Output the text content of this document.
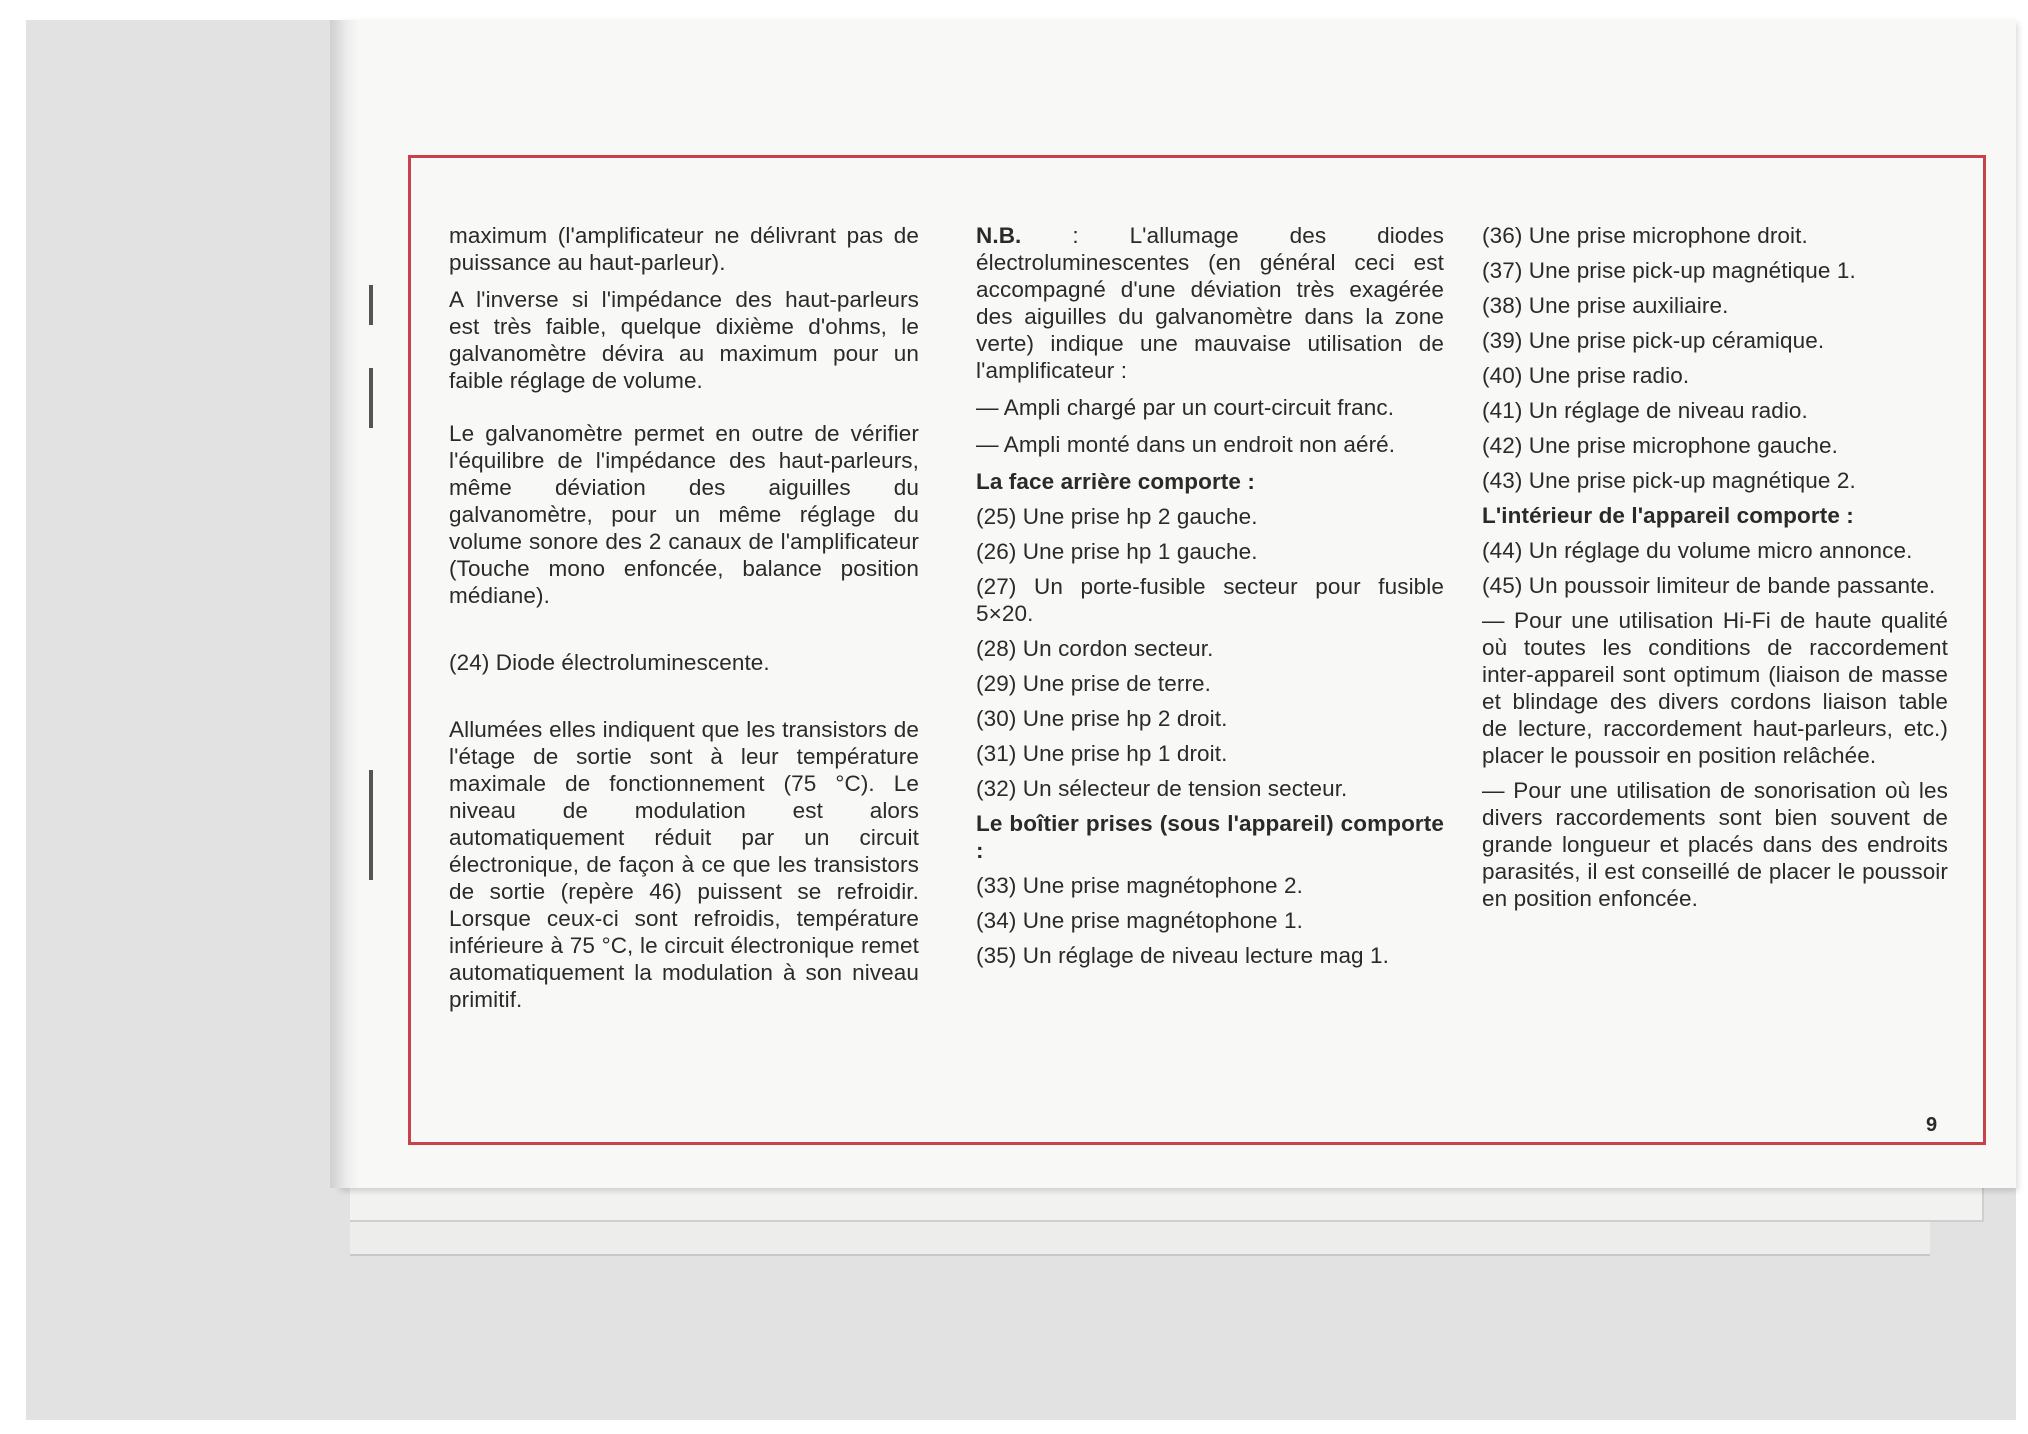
maximum (l'amplificateur ne délivrant pas de puissance au haut-parleur).

A l'inverse si l'impédance des haut-parleurs est très faible, quelque dixième d'ohms, le galvanomètre dévira au maximum pour un faible réglage de volume.

Le galvanomètre permet en outre de vérifier l'équilibre de l'impédance des haut-parleurs, même déviation des aiguilles du galvanomètre, pour un même réglage du volume sonore des 2 canaux de l'amplificateur (Touche mono enfoncée, balance position médiane).

(24) Diode électroluminescente.

Allumées elles indiquent que les transistors de l'étage de sortie sont à leur température maximale de fonctionnement (75 °C). Le niveau de modulation est alors automatiquement réduit par un circuit électronique, de façon à ce que les transistors de sortie (repère 46) puissent se refroidir. Lorsque ceux-ci sont refroidis, température inférieure à 75 °C, le circuit électronique remet automatiquement la modulation à son niveau primitif.

N.B. : L'allumage des diodes électroluminescentes (en général ceci est accompagné d'une déviation très exagérée des aiguilles du galvanomètre dans la zone verte) indique une mauvaise utilisation de l'amplificateur :

— Ampli chargé par un court-circuit franc.

— Ampli monté dans un endroit non aéré.

La face arrière comporte :

(25) Une prise hp 2 gauche.

(26) Une prise hp 1 gauche.

(27) Un porte-fusible secteur pour fusible 5×20.

(28) Un cordon secteur.

(29) Une prise de terre.

(30) Une prise hp 2 droit.

(31) Une prise hp 1 droit.

(32) Un sélecteur de tension secteur.

Le boîtier prises (sous l'appareil) comporte :

(33) Une prise magnétophone 2.

(34) Une prise magnétophone 1.

(35) Un réglage de niveau lecture mag 1.

(36) Une prise microphone droit.

(37) Une prise pick-up magnétique 1.

(38) Une prise auxiliaire.

(39) Une prise pick-up céramique.

(40) Une prise radio.

(41) Un réglage de niveau radio.

(42) Une prise microphone gauche.

(43) Une prise pick-up magnétique 2.

L'intérieur de l'appareil comporte :

(44) Un réglage du volume micro annonce.

(45) Un poussoir limiteur de bande passante.

— Pour une utilisation Hi-Fi de haute qualité où toutes les conditions de raccordement inter-appareil sont optimum (liaison de masse et blindage des divers cordons liaison table de lecture, raccordement haut-parleurs, etc.) placer le poussoir en position relâchée.

— Pour une utilisation de sonorisation où les divers raccordements sont bien souvent de grande longueur et placés dans des endroits parasités, il est conseillé de placer le poussoir en position enfoncée.

9
